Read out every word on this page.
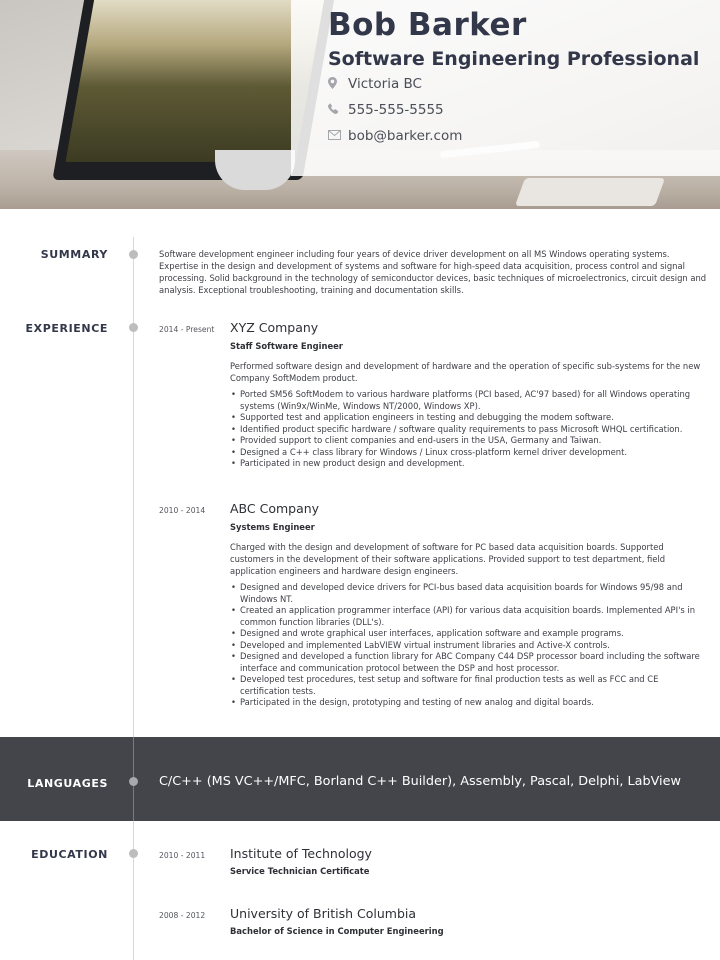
Bob Barker
Software Engineering Professional
Victoria BC
555-555-5555
bob@barker.com
SUMMARY	Software development engineer including four years of device driver development on all MS Windows operating systems. Expertise in the design and development of systems and software for high-speed data acquisition, process control and signal processing. Solid background in the technology of semiconductor devices, basic techniques of microelectronics, circuit design and analysis. Exceptional troubleshooting, training and documentation skills.
EXPERIENCE	2014 - Present XYZ Company
Staff Software Engineer
Performed software design and development of hardware and the operation of specific sub-systems for the new Company SoftModem product.
• Ported SM56 SoftModem to various hardware platforms (PCI based, AC'97 based) for all Windows operating systems (Win9x/WinMe, Windows NT/2000, Windows XP).
• Supported test and application engineers in testing and debugging the modem software.
• Identified product specific hardware / software quality requirements to pass Microsoft WHQL certification.
• Provided support to client companies and end-users in the USA, Germany and Taiwan.
• Designed a C++ class library for Windows / Linux cross-platform kernel driver development.
• Participated in new product design and development.
2010 - 2014 ABC Company
Systems Engineer
Charged with the design and development of software for PC based data acquisition boards. Supported customers in the development of their software applications. Provided support to test department, field application engineers and hardware design engineers.
• Designed and developed device drivers for PCI-bus based data acquisition boards for Windows 95/98 and Windows NT.
• Created an application programmer interface (API) for various data acquisition boards. Implemented API's in common function libraries (DLL's).
• Designed and wrote graphical user interfaces, application software and example programs.
• Developed and implemented LabVIEW virtual instrument libraries and Active-X controls.
• Designed and developed a function library for ABC Company C44 DSP processor board including the software interface and communication protocol between the DSP and host processor.
• Developed test procedures, test setup and software for final production tests as well as FCC and CE certification tests.
• Participated in the design, prototyping and testing of new analog and digital boards.
LANGUAGES	C/C++ (MS VC++/MFC, Borland C++ Builder), Assembly, Pascal, Delphi, LabView
EDUCATION	2010 - 2011 Institute of Technology
Service Technician Certificate
2008 - 2012 University of British Columbia
Bachelor of Science in Computer Engineering
